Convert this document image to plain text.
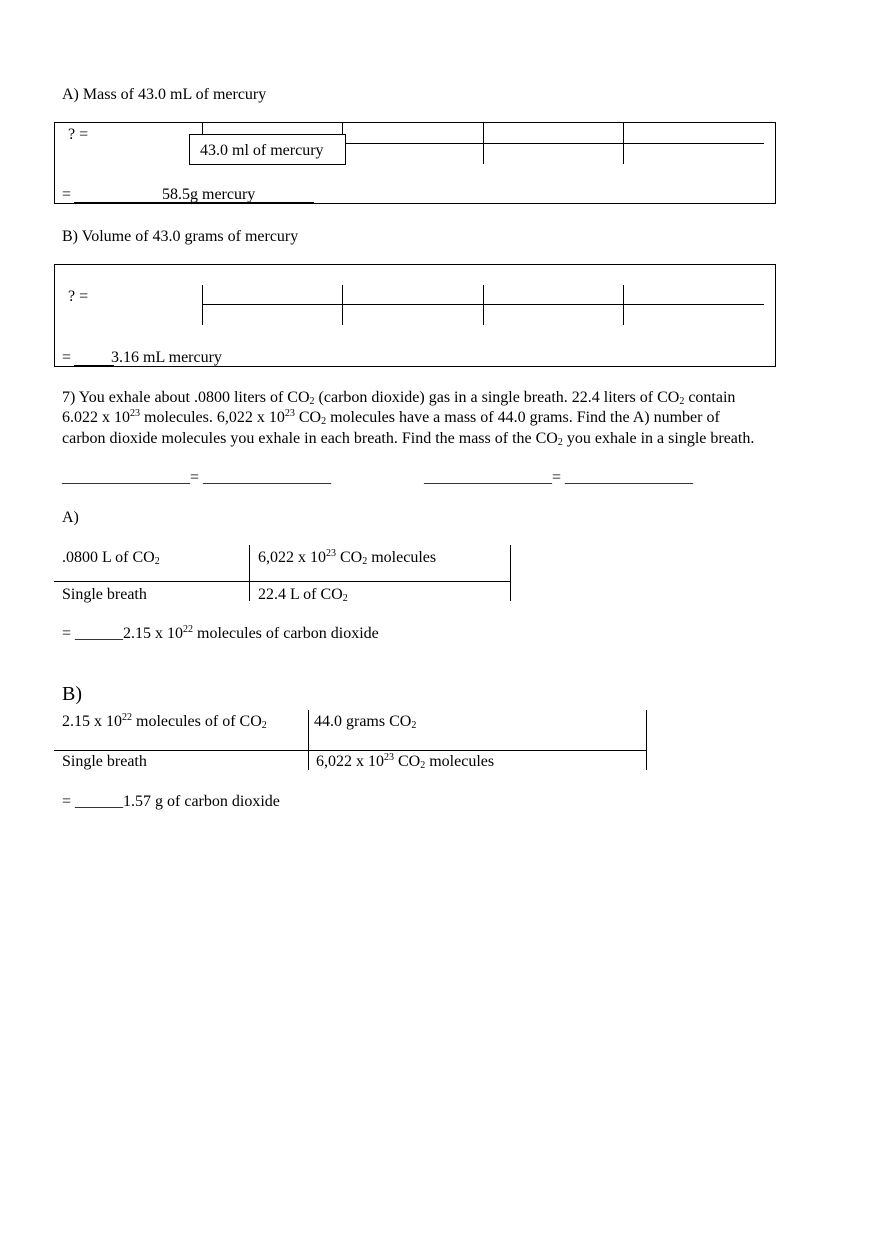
A) Mass of 43.0 mL of mercury
? =
43.0 ml of mercury
=	58.5g mercury
B) Volume of 43.0 grams of mercury
? =
= 3.16 mL mercury
7) You exhale about .0800 liters of $CO_2$ (carbon dioxide) gas in a single breath. 22.4 liters of $CO_2$ contain
6.022 x $10^{23}$ molecules. 6,022 x $10^{23}$ $CO_2$ molecules have a mass of 44.0 grams. Find the A) number of
carbon dioxide molecules you exhale in each breath. Find the mass of the $CO_2$ you exhale in a single breath.
________________= ________________	________________= ________________
A)
.0800 L of $CO_2$	6,022 x $10^{23}$ $CO_2$ molecules
Single breath	22.4 L of $CO_2$
= ______2.15 x $10^{22}$ molecules of carbon dioxide
B)
2.15 x $10^{22}$ molecules of of $CO_2$	44.0 grams $CO_2$
Single breath	6,022 x $10^{23}$ $CO_2$ molecules
= ______1.57 g of carbon dioxide
